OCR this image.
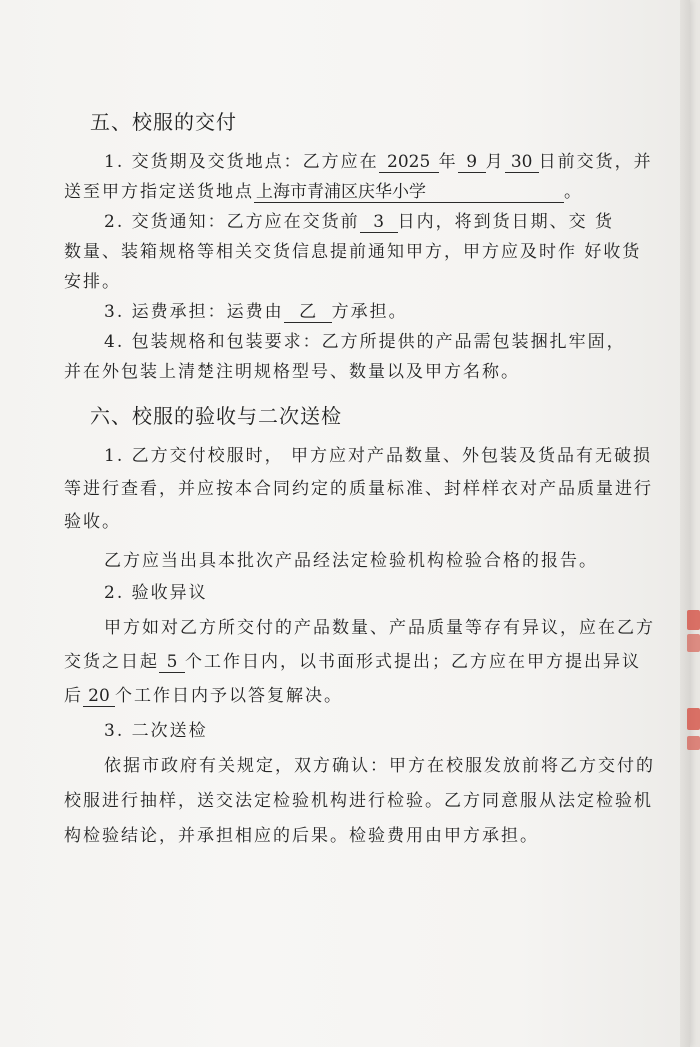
五、校服的交付
1. 交货期及交货地点：乙方应在 2025 年 9 月 30 日前交货，并
送至甲方指定送货地点 上海市青浦区庆华小学	。
2. 交货通知：乙方应在交货前 3 日内，将到货日期、交 货
数量、装箱规格等相关交货信息提前通知甲方，甲方应及时作 好收货
安排。
3. 运费承担：运费由 乙 方承担。
4. 包装规格和包装要求：乙方所提供的产品需包装捆扎牢固，
并在外包装上清楚注明规格型号、数量以及甲方名称。
六、校服的验收与二次送检
1. 乙方交付校服时， 甲方应对产品数量、外包装及货品有无破损
等进行查看，并应按本合同约定的质量标准、封样样衣对产品质量进行
验收。
乙方应当出具本批次产品经法定检验机构检验合格的报告。
2. 验收异议
甲方如对乙方所交付的产品数量、产品质量等存有异议，应在乙方
交货之日起 5 个工作日内，以书面形式提出；乙方应在甲方提出异议
后 20 个工作日内予以答复解决。
3. 二次送检
依据市政府有关规定，双方确认：甲方在校服发放前将乙方交付的
校服进行抽样，送交法定检验机构进行检验。乙方同意服从法定检验机
构检验结论，并承担相应的后果。检验费用由甲方承担。
